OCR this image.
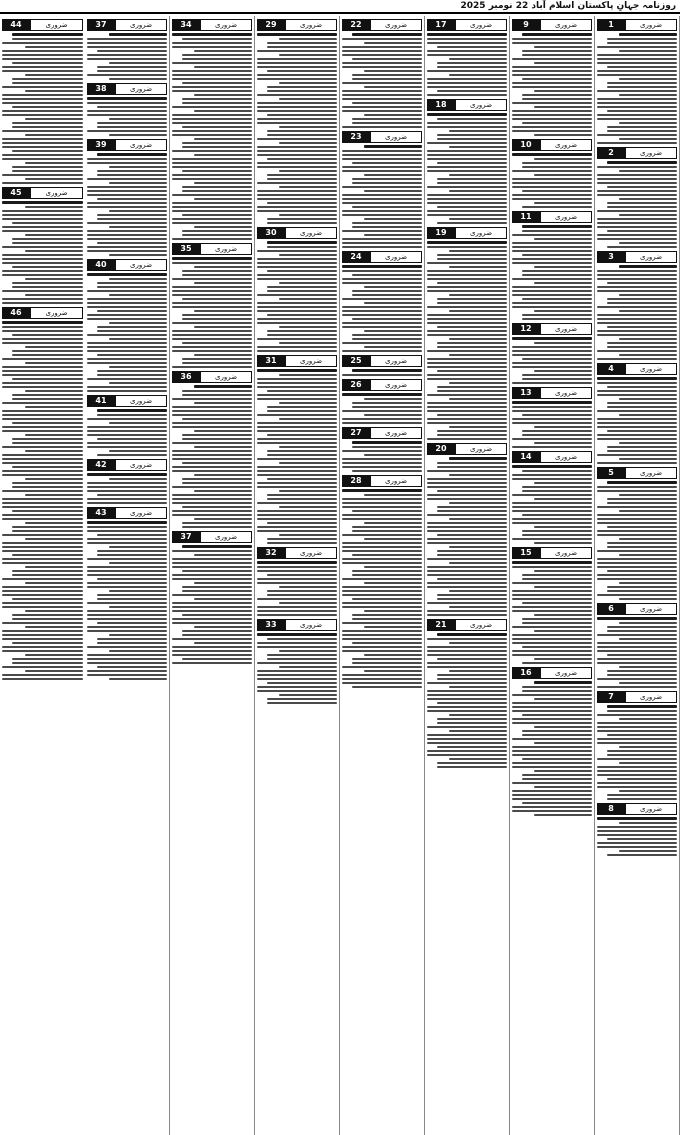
روزنامہ جہانِ پاکستان اسلام آباد 22 نومبر 2025
1	ضروری
2	ضروری
3	ضروری
4	ضروری
5	ضروری
6	ضروری
7	ضروری
8	ضروری
9	ضروری
10	ضروری
11	ضروری
12	ضروری
13	ضروری
14	ضروری
15	ضروری
16	ضروری
17	ضروری
18	ضروری
19	ضروری
20	ضروری
21	ضروری
22	ضروری
23	ضروری
24	ضروری
25	ضروری
26	ضروری
27	ضروری
28	ضروری
29	ضروری
30	ضروری
31	ضروری
32	ضروری
33	ضروری
34	ضروری
35	ضروری
36	ضروری
37	ضروری
37	ضروری
38	ضروری
39	ضروری
40	ضروری
41	ضروری
42	ضروری
43	ضروری
44	ضروری
45	ضروری
46	ضروری
